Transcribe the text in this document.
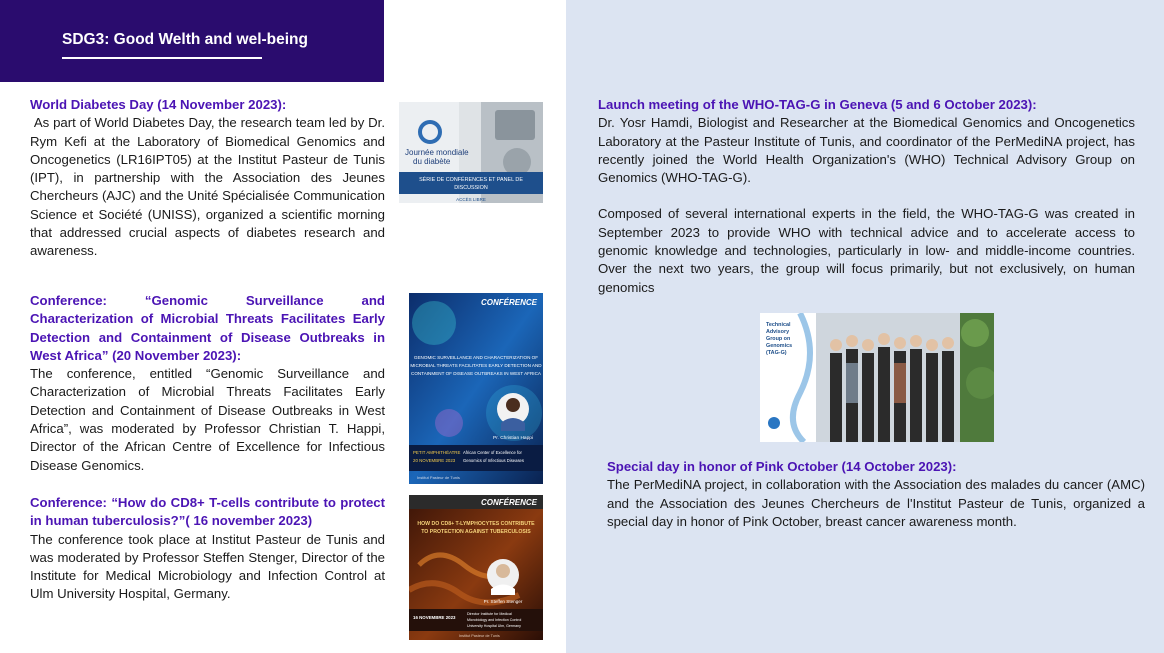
SDG3: Good Welth and wel-being
World Diabetes Day (14 November 2023):
As part of World Diabetes Day, the research team led by Dr. Rym Kefi at the Laboratory of Biomedical Genomics and Oncogenetics (LR16IPT05) at the Institut Pasteur de Tunis (IPT), in partnership with the Association des Jeunes Chercheurs (AJC) and the Unité Spécialisée Communication Science et Société (UNISS), organized a scientific morning that addressed crucial aspects of diabetes research and awareness.
Conference: “Genomic Surveillance and Characterization of Microbial Threats Facilitates Early Detection and Containment of Disease Outbreaks in West Africa” (20 November 2023):
The conference, entitled “Genomic Surveillance and Characterization of Microbial Threats Facilitates Early Detection and Containment of Disease Outbreaks in West Africa”, was moderated by Professor Christian T. Happi, Director of the African Centre of Excellence for Infectious Disease Genomics.
Conference: “How do CD8+ T-cells contribute to protect in human tuberculosis?”( 16 november 2023)
The conference took place at Institut Pasteur de Tunis and was moderated by Professor Steffen Stenger, Director of the Institute for Medical Microbiology and Infection Control at Ulm University Hospital, Germany.
Journée mondiale
du diabète
SÉRIE DE CONFÉRENCES ET PANEL DE
DISCUSSION
ACCÈS LIBRE
CONFÉRENCE
GENOMIC SURVEILLANCE AND CHARACTERIZATION OF
MICROBIAL THREATS FACILITATES EARLY DETECTION AND
CONTAINMENT OF DISEASE OUTBREAKS IN WEST AFRICA
Pr. Christian Happi
PETIT AMPHITHÉATRE
20 NOVEMBRE 2023
African Center of Excellence for
Genomics of Infectious Diseases
Institut Pasteur de Tunis
CONFÉRENCE
HOW DO CD8+ T-LYMPHOCYTES CONTRIBUTE
TO PROTECTION AGAINST TUBERCULOSIS
Pr. Steffen Stenger
16 NOVEMBRE 2023
Director Institute for Medical
Microbiology and Infection Control
University Hospital Ulm, Germany
Institut Pasteur de Tunis
Launch meeting of the WHO-TAG-G in Geneva (5 and 6 October 2023):

Dr. Yosr Hamdi, Biologist and Researcher at the Biomedical Genomics and Oncogenetics Laboratory at the Pasteur Institute of Tunis, and coordinator of the PerMediNA project, has recently joined the World Health Organization's (WHO) Technical Advisory Group on Genomics (WHO-TAG-G).

Composed of several international experts in the field, the WHO-TAG-G was created in September 2023 to provide WHO with technical advice and to accelerate access to genomic knowledge and technologies, particularly in low- and middle-income countries. Over the next two years, the group will focus primarily, but not exclusively, on human genomics

Technical
Advisory
Group on
Genomics
(TAG-G)
Special day in honor of Pink October (14 October 2023):
The PerMediNA project, in collaboration with the Association des malades du cancer (AMC) and the Association des Jeunes Chercheurs de l'Institut Pasteur de Tunis, organized a special day in honor of Pink October, breast cancer awareness month.
